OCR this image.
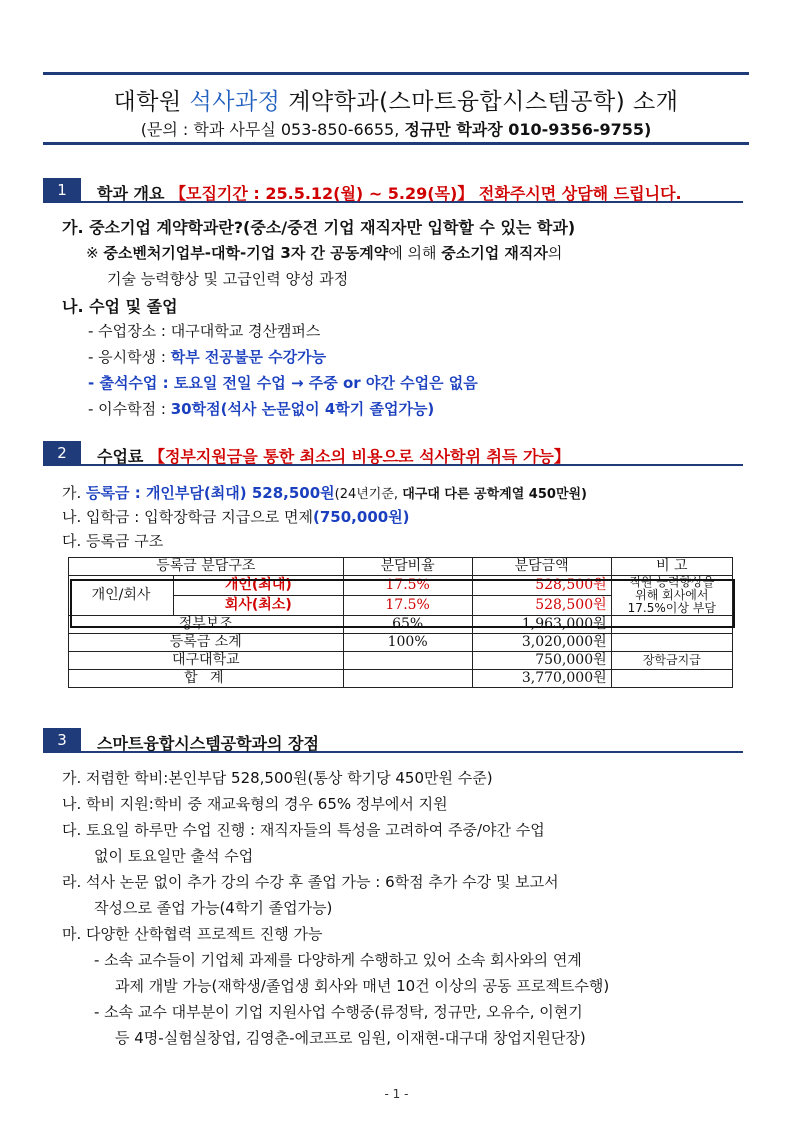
대학원 석사과정 계약학과(스마트융합시스템공학) 소개
(문의 : 학과 사무실 053-850-6655, 정규만 학과장 010-9356-9755)
1	학과 개요 【모집기간 : 25.5.12(월) ~ 5.29(목)】 전화주시면 상담해 드립니다.
가. 중소기업 계약학과란?(중소/중견 기업 재직자만 입학할 수 있는 학과)
※ 중소벤처기업부-대학-기업 3자 간 공동계약에 의해 중소기업 재직자의
기술 능력향상 및 고급인력 양성 과정
나. 수업 및 졸업
- 수업장소 : 대구대학교 경산캠퍼스
- 응시학생 : 학부 전공불문 수강가능
- 출석수업 : 토요일 전일 수업 → 주중 or 야간 수업은 없음
- 이수학점 : 30학점(석사 논문없이 4학기 졸업가능)
2	수업료 【정부지원금을 통한 최소의 비용으로 석사학위 취득 가능】
가. 등록금 : 개인부담(최대) 528,500원(24년기준, 대구대 다른 공학계열 450만원)
나. 입학금 : 입학장학금 지급으로 면제(750,000원)
다. 등록금 구조
등록금 분담구조		분담비율	분담금액	비 고
개인/회사	개인(최대)	17.5%	528,500원	직원 능력향상을
위해 회사에서
17.5%이상 부담

	회사(최소)	17.5%	528,500원	
정부보조		65%	1,963,000원	
등록금 소계		100%	3,020,000원	
대구대학교			750,000원	장학금지급
합 계			3,770,000원	
3	스마트융합시스템공학과의 장점
가. 저렴한 학비:본인부담 528,500원(통상 학기당 450만원 수준)
나. 학비 지원:학비 중 재교육형의 경우 65% 정부에서 지원
다. 토요일 하루만 수업 진행 : 재직자들의 특성을 고려하여 주중/야간 수업
없이 토요일만 출석 수업
라. 석사 논문 없이 추가 강의 수강 후 졸업 가능 : 6학점 추가 수강 및 보고서
작성으로 졸업 가능(4학기 졸업가능)
마. 다양한 산학협력 프로젝트 진행 가능
- 소속 교수들이 기업체 과제를 다양하게 수행하고 있어 소속 회사와의 연계
과제 개발 가능(재학생/졸업생 회사와 매년 10건 이상의 공동 프로젝트수행)
- 소속 교수 대부분이 기업 지원사업 수행중(류정탁, 정규만, 오유수, 이현기
등 4명-실험실창업, 김영춘-에코프로 임원, 이재현-대구대 창업지원단장)
- 1 -
